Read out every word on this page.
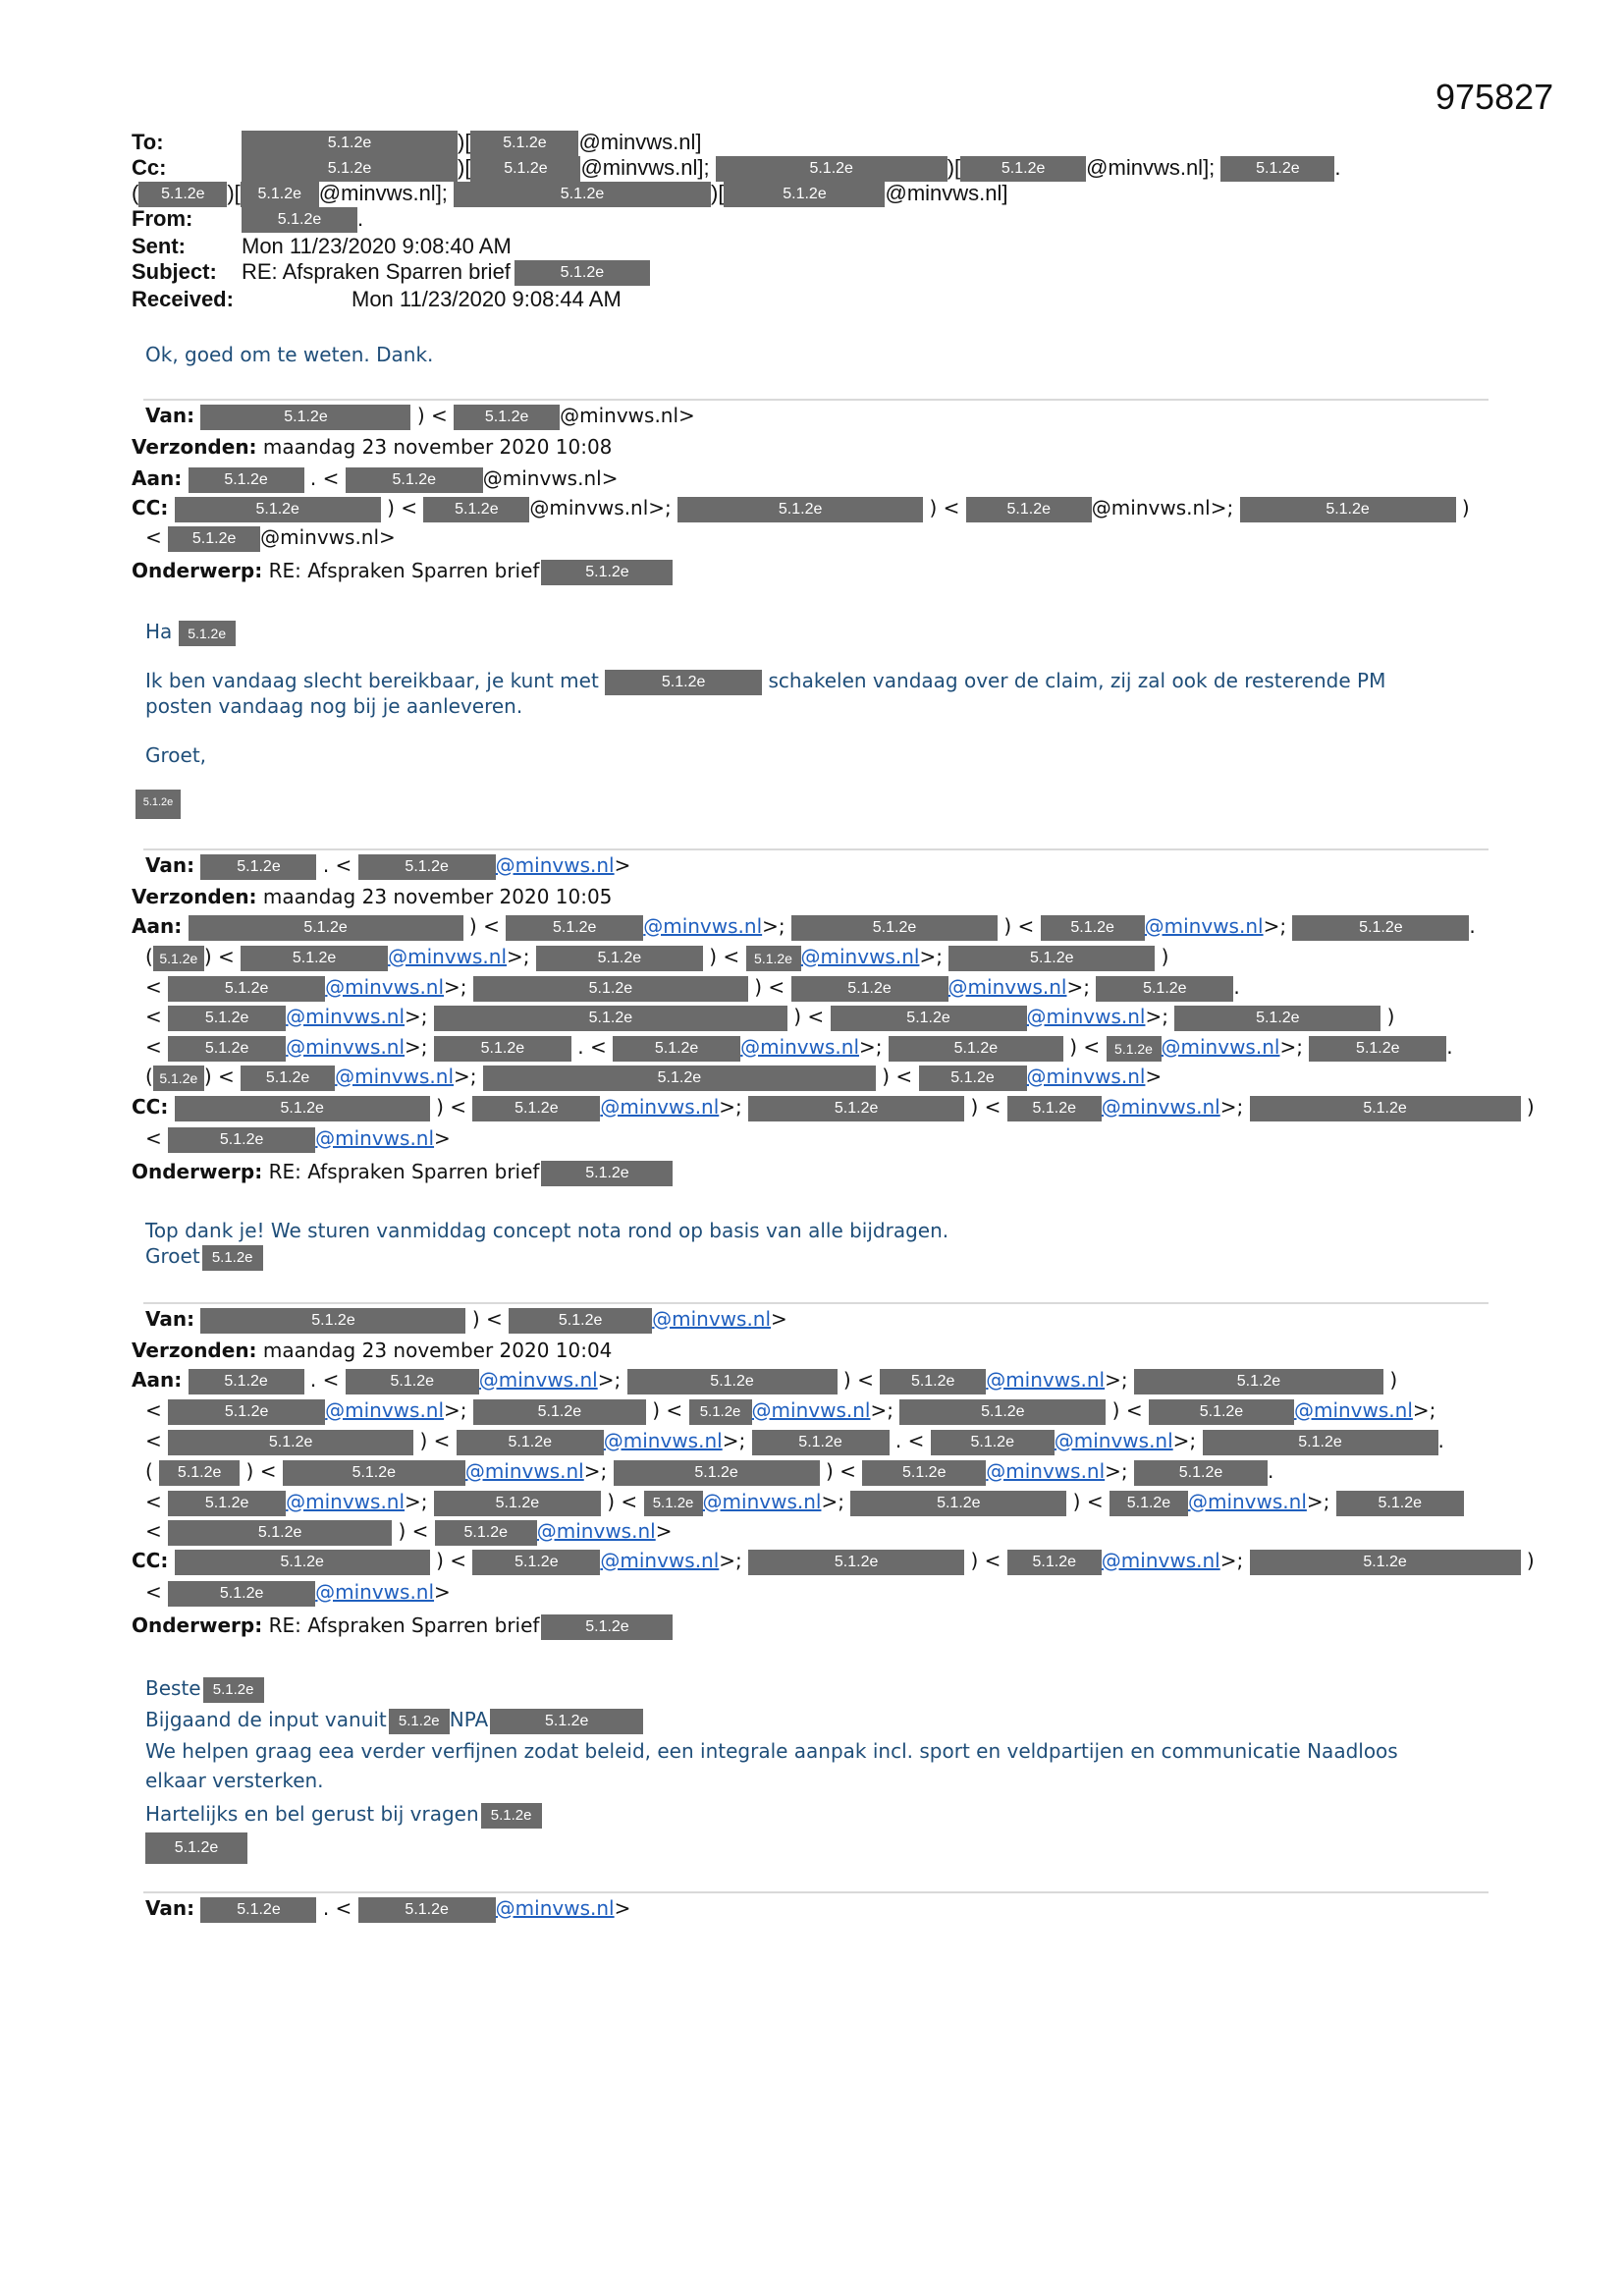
975827
To:	5.1.2e	)[ 5.1.2e @minvws.nl]
Cc:	5.1.2e	)[ 5.1.2e @minvws.nl];	5.1.2e	)[	5.1.2e @minvws.nl]; 5.1.2e .
( 5.1.2e )[ 5.1.2e @minvws.nl];	5.1.2e	)[	5.1.2e	@minvws.nl]
From:	5.1.2e .
Sent:	Mon 11/23/2020 9:08:40 AM
Subject: RE: Afspraken Sparren brief	5.1.2e
Received:	Mon 11/23/2020 9:08:44 AM
Ok, goed om te weten. Dank.
Van:	5.1.2e	) < 5.1.2e @minvws.nl>
Verzonden: maandag 23 november 2020 10:08
Aan:	5.1.2e . <	5.1.2e @minvws.nl>
CC:	5.1.2e	) < 5.1.2e @minvws.nl>;	5.1.2e	) <	5.1.2e @minvws.nl>;	5.1.2e	)
< 5.1.2e @minvws.nl>
Onderwerp: RE: Afspraken Sparren brief	5.1.2e
Ha 5.1.2e
Ik ben vandaag slecht bereikbaar, je kunt met	5.1.2e	schakelen vandaag over de claim, zij zal ook de resterende PM
posten vandaag nog bij je aanleveren.
Groet,
5.1.2e
Van:	5.1.2e . <	5.1.2e @minvws.nl>
Verzonden: maandag 23 november 2020 10:05
Aan:	5.1.2e	) <	5.1.2e @minvws.nl>;	5.1.2e	) < 5.1.2e @minvws.nl>;	5.1.2e	.
( 5.1.2e ) <	5.1.2e	@minvws.nl>;	5.1.2e	) < 5.1.2e @minvws.nl>;	5.1.2e	)
<	5.1.2e	@minvws.nl>;	5.1.2e	) <	5.1.2e	@minvws.nl>;	5.1.2e .
< 5.1.2e @minvws.nl>;	5.1.2e	) <	5.1.2e	@minvws.nl>;	5.1.2e	)
< 5.1.2e @minvws.nl>;	5.1.2e . <	5.1.2e @minvws.nl>;	5.1.2e	) < 5.1.2e @minvws.nl>;	5.1.2e .
( 5.1.2e ) < 5.1.2e @minvws.nl>;	5.1.2e	) < 5.1.2e @minvws.nl>
CC:	5.1.2e	) <	5.1.2e @minvws.nl>;	5.1.2e	) < 5.1.2e @minvws.nl>;	5.1.2e	)
<	5.1.2e	@minvws.nl>
Onderwerp: RE: Afspraken Sparren brief	5.1.2e
Top dank je! We sturen vanmiddag concept nota rond op basis van alle bijdragen.
Groet 5.1.2e
Van:	5.1.2e	) <	5.1.2e	@minvws.nl>
Verzonden: maandag 23 november 2020 10:04
Aan:	5.1.2e . <	5.1.2e @minvws.nl>;	5.1.2e	) < 5.1.2e @minvws.nl>;	5.1.2e	)
<	5.1.2e	@minvws.nl>;	5.1.2e	) < 5.1.2e @minvws.nl>;	5.1.2e	) <	5.1.2e	@minvws.nl>;
<	5.1.2e	) <	5.1.2e	@minvws.nl>;	5.1.2e . <	5.1.2e @minvws.nl>;	5.1.2e	.
( 5.1.2e ) <	5.1.2e	@minvws.nl>;	5.1.2e	) <	5.1.2e @minvws.nl>;	5.1.2e .
< 5.1.2e @minvws.nl>;	5.1.2e	) < 5.1.2e @minvws.nl>;	5.1.2e	) < 5.1.2e @minvws.nl>;	5.1.2e
<	5.1.2e	) < 5.1.2e @minvws.nl>
CC:	5.1.2e	) <	5.1.2e @minvws.nl>;	5.1.2e	) < 5.1.2e @minvws.nl>;	5.1.2e	)
<	5.1.2e	@minvws.nl>
Onderwerp: RE: Afspraken Sparren brief	5.1.2e
Beste 5.1.2e
Bijgaand de input vanuit 5.1.2e NPA	5.1.2e
We helpen graag eea verder verfijnen zodat beleid, een integrale aanpak incl. sport en veldpartijen en communicatie Naadloos
elkaar versterken.
Hartelijks en bel gerust bij vragen 5.1.2e
5.1.2e
Van:	5.1.2e . <	5.1.2e @minvws.nl>
